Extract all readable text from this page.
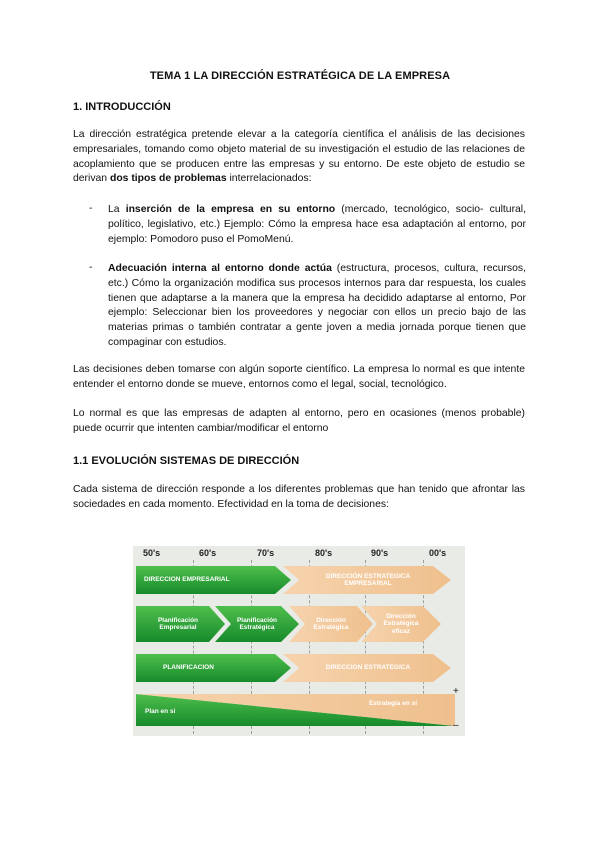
TEMA 1 LA DIRECCIÓN ESTRATÉGICA DE LA EMPRESA
1. INTRODUCCIÓN

La dirección estratégica pretende elevar a la categoría científica el análisis de las decisiones empresariales, tomando como objeto material de su investigación el estudio de las relaciones de acoplamiento que se producen entre las empresas y su entorno. De este objeto de estudio se derivan dos tipos de problemas interrelacionados:

- La inserción de la empresa en su entorno (mercado, tecnológico, socio- cultural, político, legislativo, etc.) Ejemplo: Cómo la empresa hace esa adaptación al entorno, por ejemplo: Pomodoro puso el PomoMenú.

- Adecuación interna al entorno donde actúa (estructura, procesos, cultura, recursos, etc.) Cómo la organización modifica sus procesos internos para dar respuesta, los cuales tienen que adaptarse a la manera que la empresa ha decidido adaptarse al entorno, Por ejemplo: Seleccionar bien los proveedores y negociar con ellos un precio bajo de las materias primas o también contratar a gente joven a media jornada porque tienen que compaginar con estudios.

Las decisiones deben tomarse con algún soporte científico. La empresa lo normal es que intente entender el entorno donde se mueve, entornos como el legal, social, tecnológico.

Lo normal es que las empresas de adapten al entorno, pero en ocasiones (menos probable) puede ocurrir que intenten cambiar/modificar el entorno

1.1 EVOLUCIÓN SISTEMAS DE DIRECCIÓN

Cada sistema de dirección responde a los diferentes problemas que han tenido que afrontar las sociedades en cada momento. Efectividad en la toma de decisiones:

50's	60's	70's	80's	90's	00's
DIRECCION EMPRESARIAL
DIRECCIÓN ESTRATEGICA EMPRESARIAL
Planificación Empresarial
Planificación Estratégica
Dirección Estratégica
Dirección Estratégica eficaz
PLANIFICACION	DIRECCION ESTRATEGICA
Plan en sí
Estrategia en sí
+
–
